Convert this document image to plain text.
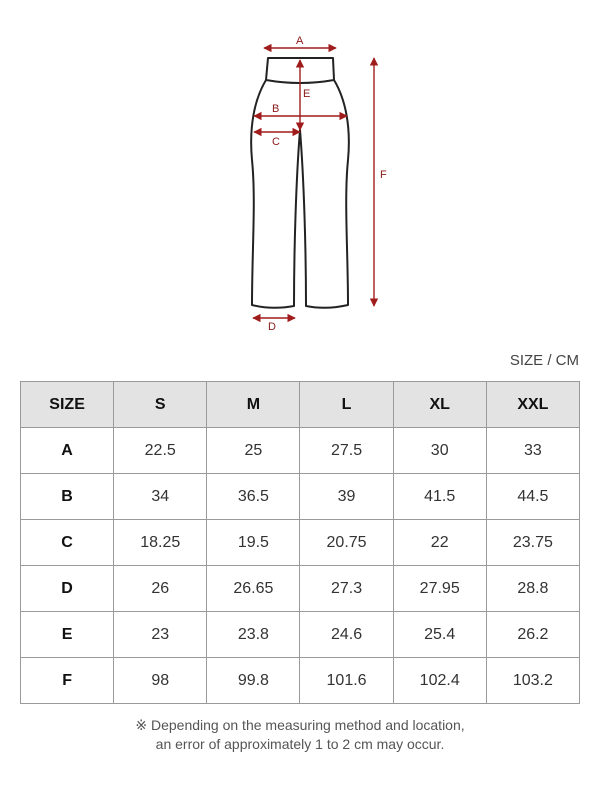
A
E
B
C
F
D
SIZE / CM
SIZE	S	M	L	XL	XXL
A	22.5	25	27.5	30	33
B	34	36.5	39	41.5	44.5
C	18.25	19.5	20.75	22	23.75
D	26	26.65	27.3	27.95	28.8
E	23	23.8	24.6	25.4	26.2
F	98	99.8	101.6	102.4	103.2
※ Depending on the measuring method and location,
an error of approximately 1 to 2 cm may occur.
